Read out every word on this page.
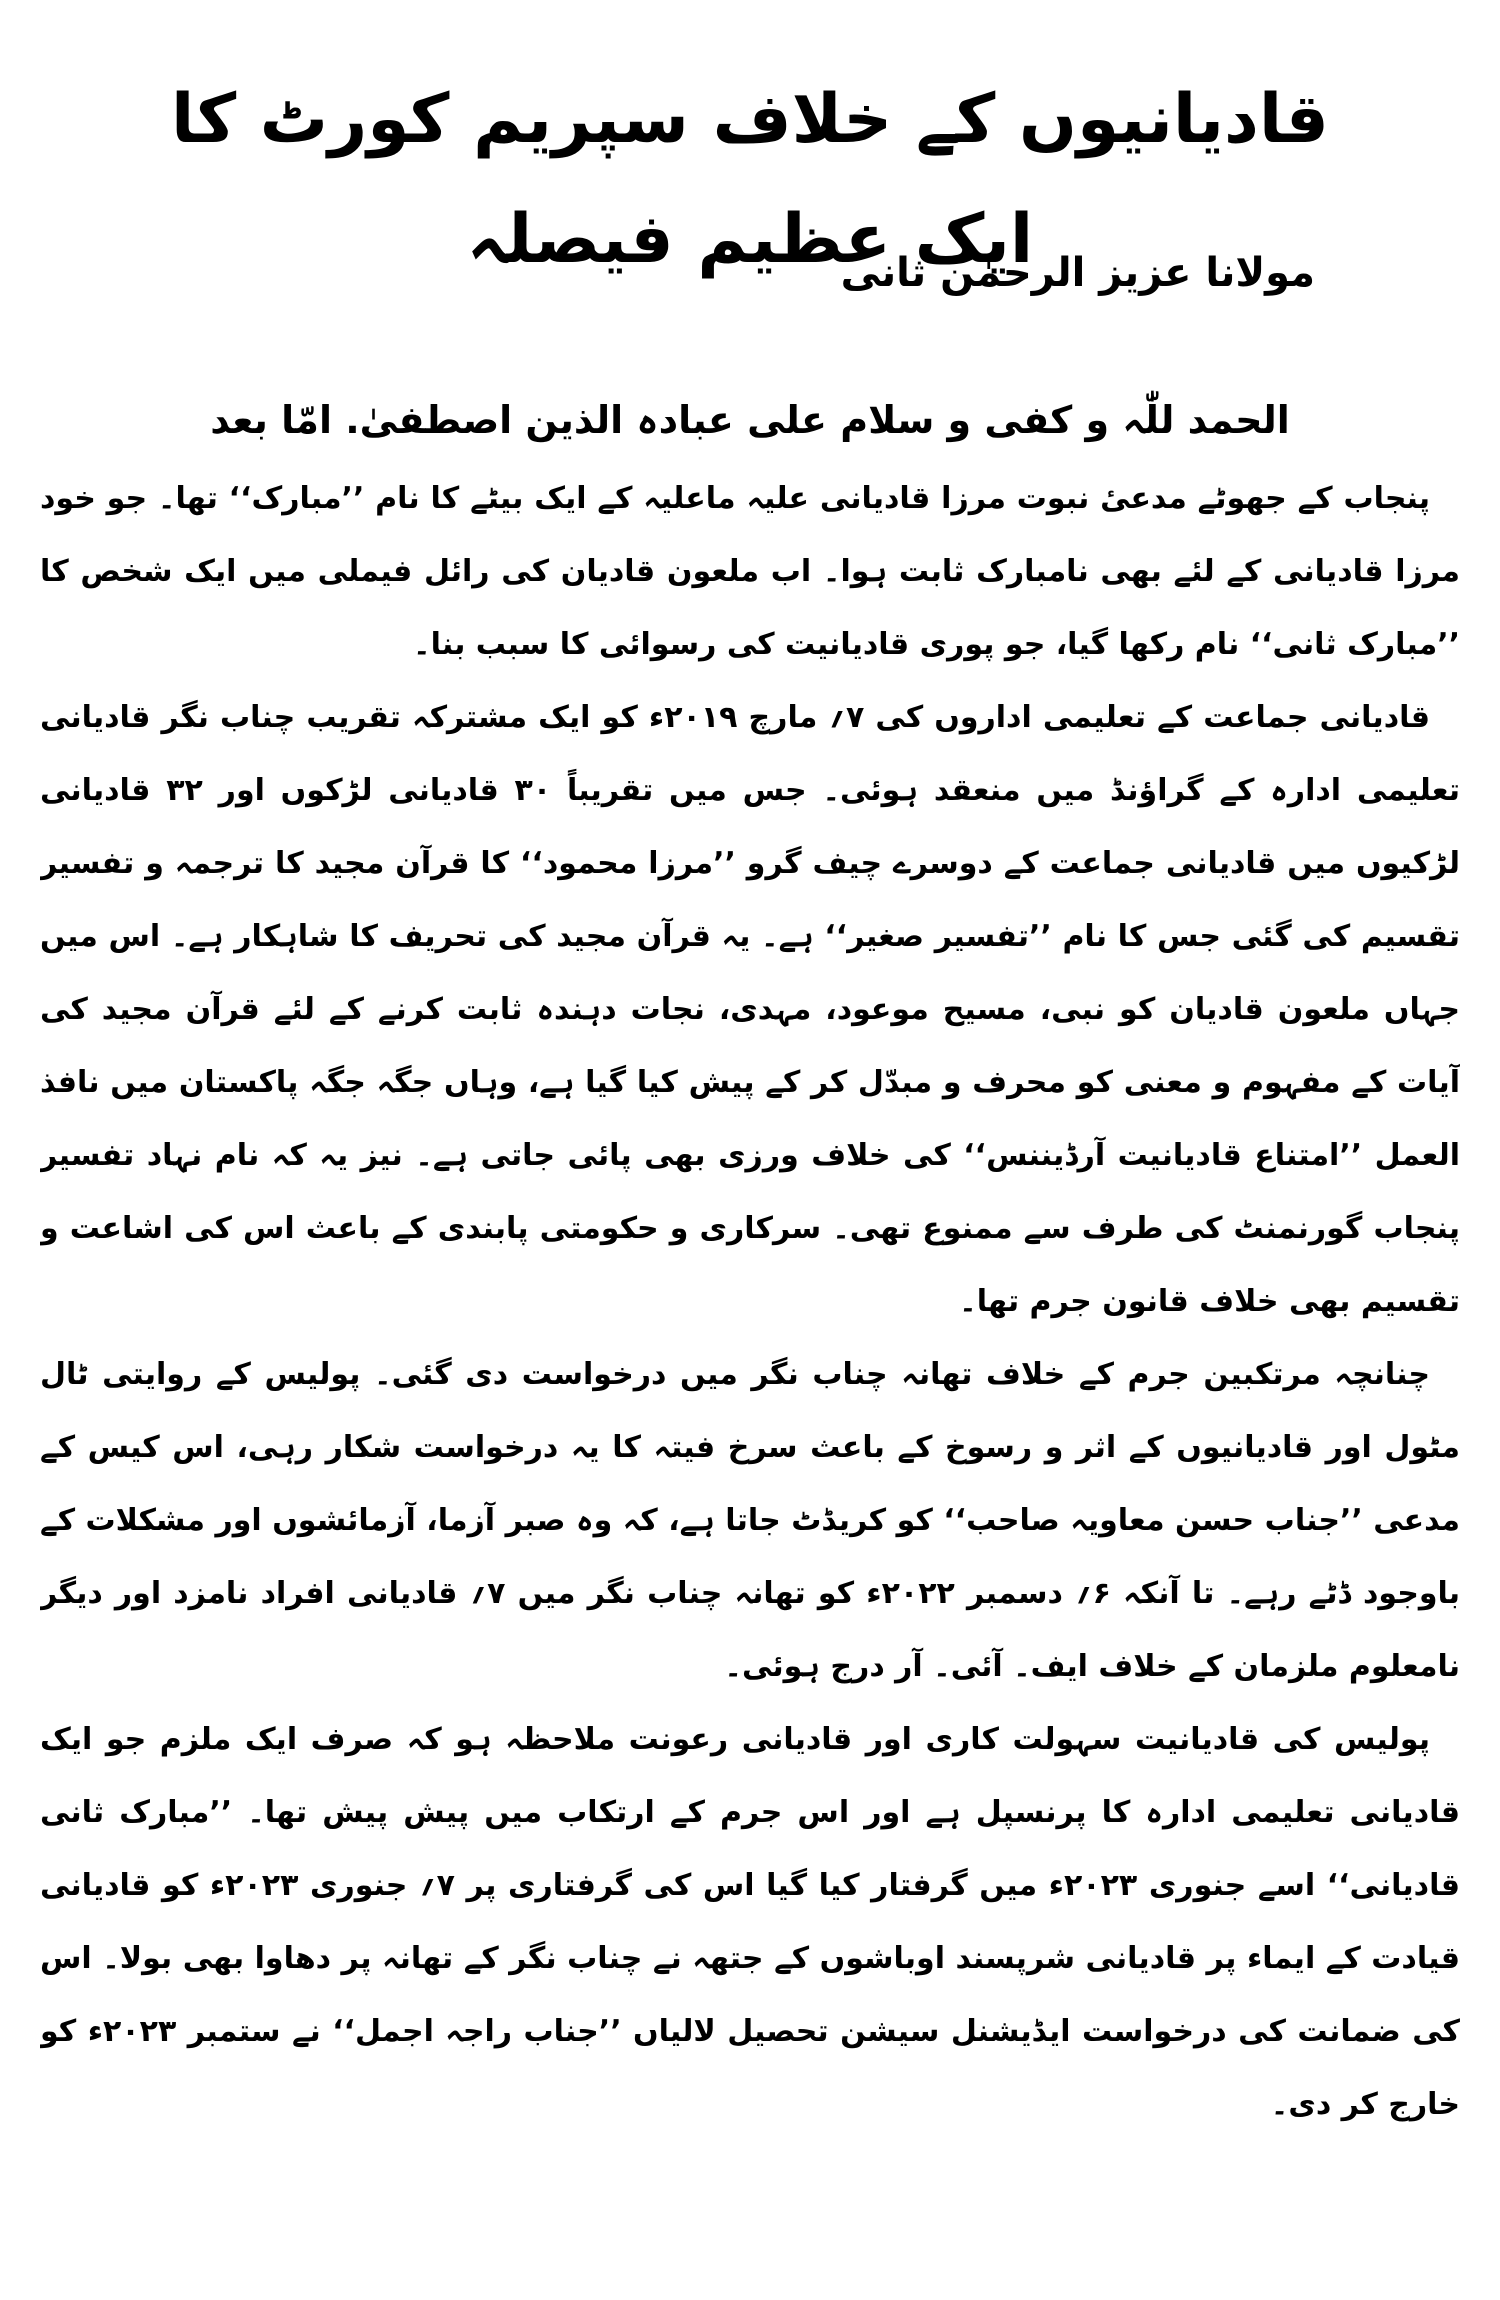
قادیانیوں کے خلاف سپریم کورٹ کا ایک عظیم فیصلہ
مولانا عزیز الرحمٰن ثانی
الحمد للّٰہ و کفی و سلام علی عبادہ الذین اصطفیٰ. امّا بعد

پنجاب کے جھوٹے مدعیٔ نبوت مرزا قادیانی علیہ ماعلیہ کے ایک بیٹے کا نام ’’مبارک‘‘ تھا۔ جو خود مرزا قادیانی کے لئے بھی نامبارک ثابت ہوا۔ اب ملعون قادیان کی رائل فیملی میں ایک شخص کا ’’مبارک ثانی‘‘ نام رکھا گیا، جو پوری قادیانیت کی رسوائی کا سبب بنا۔

قادیانی جماعت کے تعلیمی اداروں کی ۷؍ مارچ ۲۰۱۹ء کو ایک مشترکہ تقریب چناب نگر قادیانی تعلیمی ادارہ کے گراؤنڈ میں منعقد ہوئی۔ جس میں تقریباً ۳۰ قادیانی لڑکوں اور ۳۲ قادیانی لڑکیوں میں قادیانی جماعت کے دوسرے چیف گرو ’’مرزا محمود‘‘ کا قرآن مجید کا ترجمہ و تفسیر تقسیم کی گئی جس کا نام ’’تفسیر صغیر‘‘ ہے۔ یہ قرآن مجید کی تحریف کا شاہکار ہے۔ اس میں جہاں ملعون قادیان کو نبی، مسیح موعود، مہدی، نجات دہندہ ثابت کرنے کے لئے قرآن مجید کی آیات کے مفہوم و معنی کو محرف و مبدّل کر کے پیش کیا گیا ہے، وہاں جگہ جگہ پاکستان میں نافذ العمل ’’امتناع قادیانیت آرڈیننس‘‘ کی خلاف ورزی بھی پائی جاتی ہے۔ نیز یہ کہ نام نہاد تفسیر پنجاب گورنمنٹ کی طرف سے ممنوع تھی۔ سرکاری و حکومتی پابندی کے باعث اس کی اشاعت و تقسیم بھی خلاف قانون جرم تھا۔

چنانچہ مرتکبین جرم کے خلاف تھانہ چناب نگر میں درخواست دی گئی۔ پولیس کے روایتی ٹال مٹول اور قادیانیوں کے اثر و رسوخ کے باعث سرخ فیتہ کا یہ درخواست شکار رہی، اس کیس کے مدعی ’’جناب حسن معاویہ صاحب‘‘ کو کریڈٹ جاتا ہے، کہ وہ صبر آزما، آزمائشوں اور مشکلات کے باوجود ڈٹے رہے۔ تا آنکہ ۶؍ دسمبر ۲۰۲۲ء کو تھانہ چناب نگر میں ۷؍ قادیانی افراد نامزد اور دیگر نامعلوم ملزمان کے خلاف ایف۔ آئی۔ آر درج ہوئی۔

پولیس کی قادیانیت سہولت کاری اور قادیانی رعونت ملاحظہ ہو کہ صرف ایک ملزم جو ایک قادیانی تعلیمی ادارہ کا پرنسپل ہے اور اس جرم کے ارتکاب میں پیش پیش تھا۔ ’’مبارک ثانی قادیانی‘‘ اسے جنوری ۲۰۲۳ء میں گرفتار کیا گیا اس کی گرفتاری پر ۷؍ جنوری ۲۰۲۳ء کو قادیانی قیادت کے ایماء پر قادیانی شرپسند اوباشوں کے جتھہ نے چناب نگر کے تھانہ پر دھاوا بھی بولا۔ اس کی ضمانت کی درخواست ایڈیشنل سیشن تحصیل لالیاں ’’جناب راجہ اجمل‘‘ نے ستمبر ۲۰۲۳ء کو خارج کر دی۔
